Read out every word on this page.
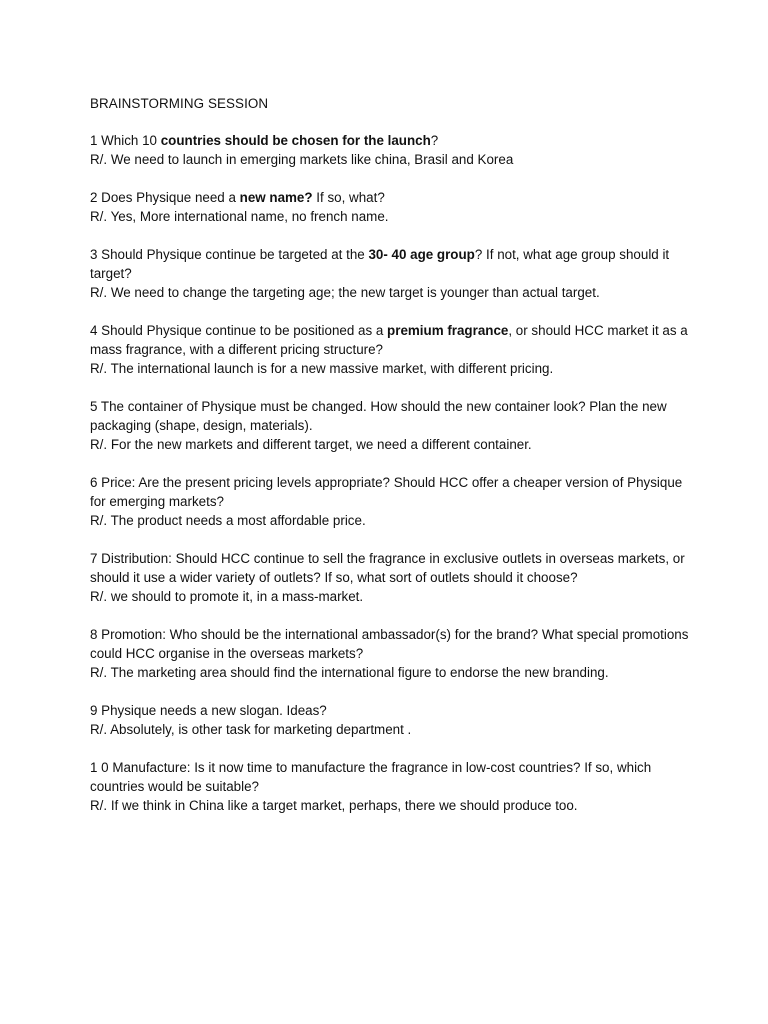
BRAINSTORMING SESSION

1 Which 10 countries should be chosen for the launch?

R/. We need to launch in emerging markets like china, Brasil and Korea

2 Does Physique need a new name? If so, what?

R/. Yes, More international name, no french name.

3 Should Physique continue be targeted at the 30- 40 age group? If not, what age group should it target?

R/. We need to change the targeting age; the new target is younger than actual target.

4 Should Physique continue to be positioned as a premium fragrance, or should HCC market it as a mass fragrance, with a different pricing structure?

R/. The international launch is for a new massive market, with different pricing.

5 The container of Physique must be changed. How should the new container look? Plan the new packaging (shape, design, materials).

R/. For the new markets and different target, we need a different container.

6 Price: Are the present pricing levels appropriate? Should HCC offer a cheaper version of Physique for emerging markets?

R/. The product needs a most affordable price.

7 Distribution: Should HCC continue to sell the fragrance in exclusive outlets in overseas markets, or should it use a wider variety of outlets? If so, what sort of outlets should it choose?

R/. we should to promote it, in a mass-market.

8 Promotion: Who should be the international ambassador(s) for the brand? What special promotions could HCC organise in the overseas markets?

R/. The marketing area should find the international figure to endorse the new branding.

9 Physique needs a new slogan. Ideas?

R/. Absolutely, is other task for marketing department .

1 0 Manufacture: Is it now time to manufacture the fragrance in low-cost countries? If so, which countries would be suitable?

R/. If we think in China like a target market, perhaps, there we should produce too.
